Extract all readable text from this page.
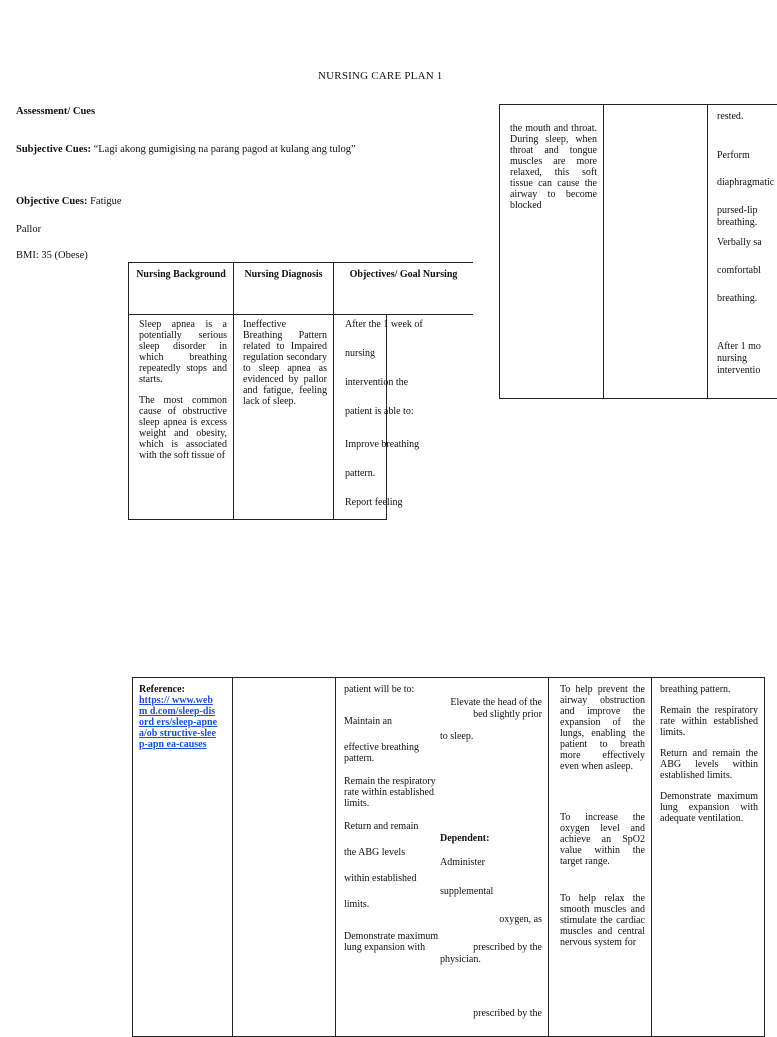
NURSING CARE PLAN 1
Assessment/ Cues
Subjective Cues: “Lagi akong gumigising na parang pagod at kulang ang tulog”
Objective Cues: Fatigue
Pallor
BMI: 35 (Obese)
Nursing Background	Nursing Diagnosis	Objectives/ Goal Nursing

Sleep apnea is a potentially serious sleep disorder in which breathing repeatedly stops and starts.

The most common cause of obstructive sleep apnea is excess weight and obesity, which is associated with the soft tissue of

Ineffective Breathing Pattern related to Impaired regulation secondary to sleep apnea as evidenced by pallor and fatigue, feeling lack of sleep.

After the 1 week of

nursing

intervention the

patient is able to:

Improve breathing

pattern.

Report feeling

the mouth and throat. During sleep, when throat and tongue muscles are more relaxed, this soft tissue can cause the airway to become blocked
rested.
Perform
diaphragmatic
pursed-lip breathing.
Verbally sa
comfortabl
breathing.
After 1 mo nursing interventio
Reference:
https:// www.webm d.com/sleep-disord ers/sleep-apnea/ob structive-sleep-apn ea-causes
patient will be to:
Maintain an
effective breathing pattern.
Remain the respiratory rate within established limits.
Return and remain
the ABG levels
within established
limits.
Demonstrate maximum lung expansion with
Elevate the head of the bed slightly prior
to sleep.
Dependent:
Administer
supplemental
oxygen, as
prescribed by the
physician.
prescribed by the

To help prevent the airway obstruction and improve the expansion of the lungs, enabling the patient to breath more effectively even when asleep.

To increase the oxygen level and achieve an SpO2 value within the target range.

To help relax the smooth muscles and stimulate the cardiac muscles and central nervous system for

breathing pattern.

Remain the respiratory rate within established limits.

Return and remain the ABG levels within established limits.

Demonstrate maximum lung expansion with adequate ventilation.
